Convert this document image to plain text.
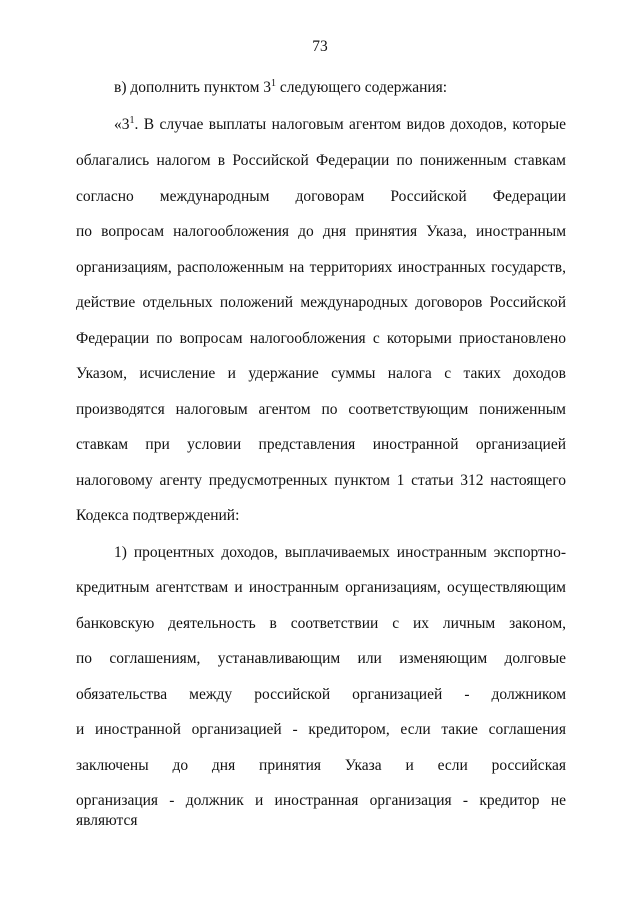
73
в) дополнить пунктом $3^1$ следующего содержания:
«$3^1$. В случае выплаты налоговым агентом видов доходов, которые
облагались налогом в Российской Федерации по пониженным ставкам
согласно международным договорам Российской Федерации
по вопросам налогообложения до дня принятия Указа, иностранным
организациям, расположенным на территориях иностранных государств,
действие отдельных положений международных договоров Российской
Федерации по вопросам налогообложения с которыми приостановлено
Указом, исчисление и удержание суммы налога с таких доходов
производятся налоговым агентом по соответствующим пониженным
ставкам при условии представления иностранной организацией
налоговому агенту предусмотренных пунктом 1 статьи 312 настоящего
Кодекса подтверждений:
1) процентных доходов, выплачиваемых иностранным экспортно-
кредитным агентствам и иностранным организациям, осуществляющим
банковскую деятельность в соответствии с их личным законом,
по соглашениям, устанавливающим или изменяющим долговые
обязательства между российской организацией - должником
и иностранной организацией - кредитором, если такие соглашения
заключены до дня принятия Указа и если российская
организация - должник и иностранная организация - кредитор не являются
